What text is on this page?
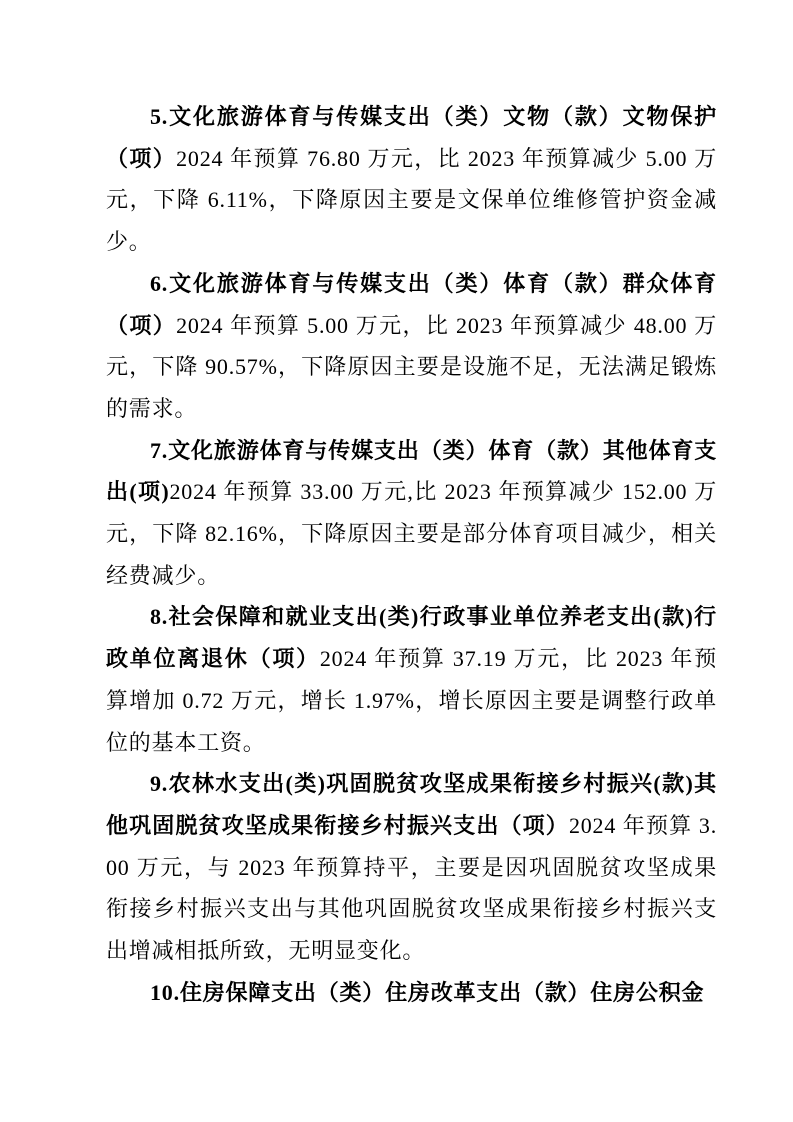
5.文化旅游体育与传媒支出（类）文物（款）文物保护（项）2024 年预算 76.80 万元，比 2023 年预算减少 5.00 万元，下降 6.11%，下降原因主要是文保单位维修管护资金减少。

6.文化旅游体育与传媒支出（类）体育（款）群众体育（项）2024 年预算 5.00 万元，比 2023 年预算减少 48.00 万元，下降 90.57%，下降原因主要是设施不足，无法满足锻炼的需求。

7.文化旅游体育与传媒支出（类）体育（款）其他体育支出(项)2024 年预算 33.00 万元,比 2023 年预算减少 152.00 万元，下降 82.16%，下降原因主要是部分体育项目减少，相关经费减少。

8.社会保障和就业支出(类)行政事业单位养老支出(款)行政单位离退休（项）2024 年预算 37.19 万元，比 2023 年预算增加 0.72 万元，增长 1.97%，增长原因主要是调整行政单位的基本工资。

9.农林水支出(类)巩固脱贫攻坚成果衔接乡村振兴(款)其他巩固脱贫攻坚成果衔接乡村振兴支出（项）2024 年预算 3.00 万元，与 2023 年预算持平，主要是因巩固脱贫攻坚成果衔接乡村振兴支出与其他巩固脱贫攻坚成果衔接乡村振兴支出增减相抵所致，无明显变化。

10.住房保障支出（类）住房改革支出（款）住房公积金
